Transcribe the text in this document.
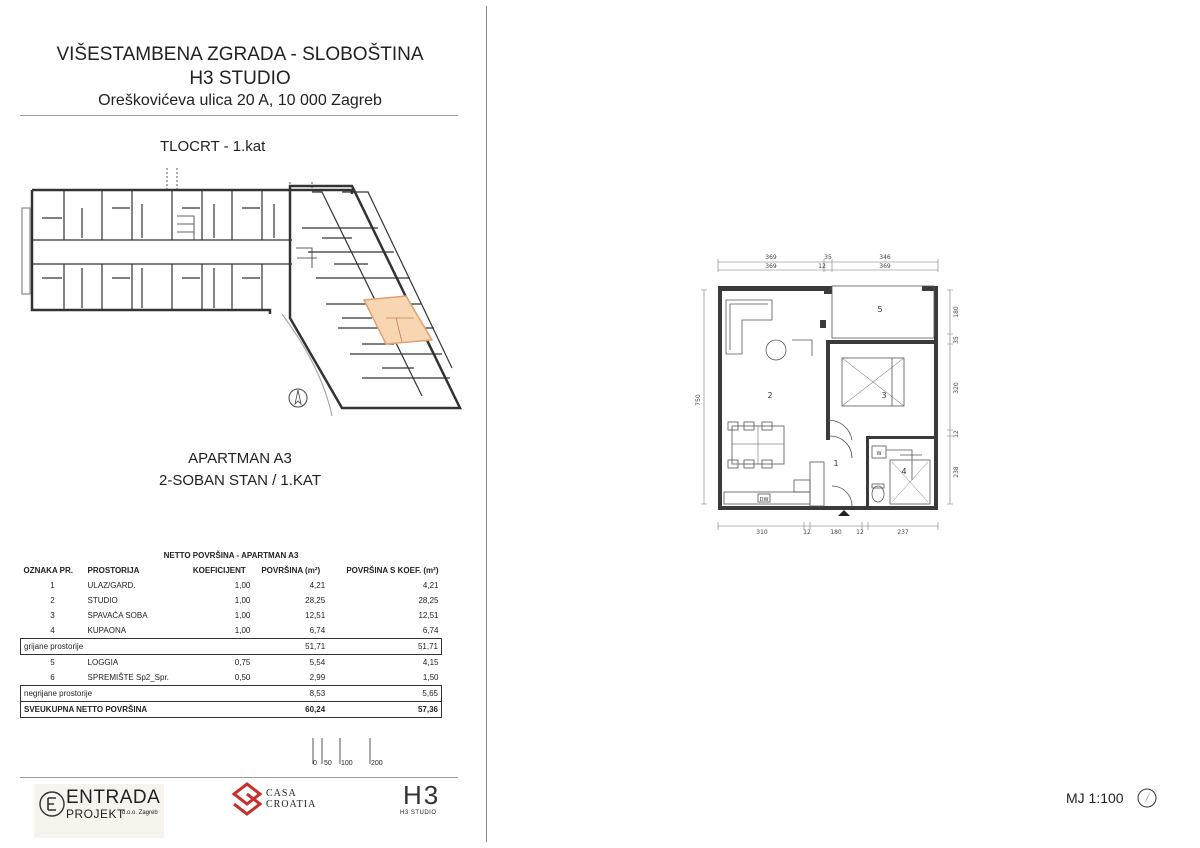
VIŠESTAMBENA ZGRADA - SLOBOŠTINA
H3 STUDIO
Oreškovićeva ulica 20 A, 10 000 Zagreb
TLOCRT - 1.kat
APARTMAN A3
2-SOBAN STAN / 1.KAT
NETTO POVRŠINA - APARTMAN A3				
OZNAKA PR.	PROSTORIJA	KOEFICIJENT	POVRŠINA (m²)	POVRŠINA S KOEF. (m²)
1	ULAZ/GARD.	1,00	4,21	4,21
2	STUDIO	1,00	28,25	28,25
3	SPAVAĆA SOBA	1,00	12,51	12,51
4	KUPAONA	1,00	6,74	6,74
grijane prostorije			51,71	51,71
5	LOGGIA	0,75	5,54	4,15
6	SPREMIŠTE Sp2_Spr.	0,50	2,99	1,50
negrijane prostorije			8,53	5,65
SVEUKUPNA NETTO POVRŠINA			60,24	57,36
0 50 100	200
ENTRADA
PROJEKT
d.o.o. Zagreb
CASA
CROATIA	H3
H3 STUDIO
369	35	346
369	12	369
750
180
35
320
12
238
310	12	180 12	237
1
2	3
4
5
DW
W
MJ 1:100
